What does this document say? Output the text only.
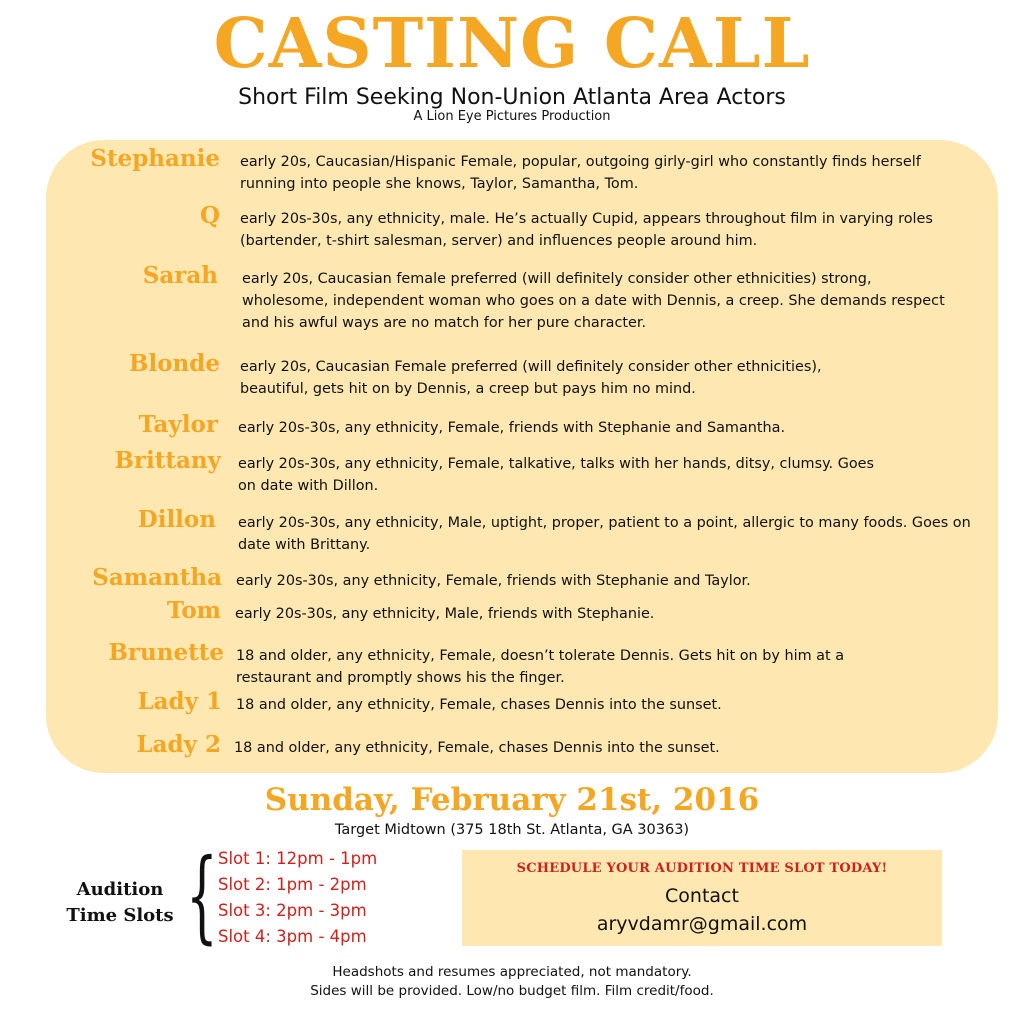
CASTING CALL
Short Film Seeking Non-Union Atlanta Area Actors
A Lion Eye Pictures Production
Stephanie early 20s, Caucasian/Hispanic Female, popular, outgoing girly-girl who constantly finds herself running into people she knows, Taylor, Samantha, Tom.
Q early 20s-30s, any ethnicity, male. He’s actually Cupid, appears throughout film in varying roles (bartender, t-shirt salesman, server) and influences people around him.
Sarah early 20s, Caucasian female preferred (will definitely consider other ethnicities) strong, wholesome, independent woman who goes on a date with Dennis, a creep. She demands respect and his awful ways are no match for her pure character.
Blonde early 20s, Caucasian Female preferred (will definitely consider other ethnicities), beautiful, gets hit on by Dennis, a creep but pays him no mind.
Taylor early 20s-30s, any ethnicity, Female, friends with Stephanie and Samantha.
Brittany early 20s-30s, any ethnicity, Female, talkative, talks with her hands, ditsy, clumsy. Goes on date with Dillon.
Dillon early 20s-30s, any ethnicity, Male, uptight, proper, patient to a point, allergic to many foods. Goes on date with Brittany.
Samantha early 20s-30s, any ethnicity, Female, friends with Stephanie and Taylor.
Tom early 20s-30s, any ethnicity, Male, friends with Stephanie.
Brunette 18 and older, any ethnicity, Female, doesn’t tolerate Dennis. Gets hit on by him at a restaurant and promptly shows his the finger.
Lady 1 18 and older, any ethnicity, Female, chases Dennis into the sunset.
Lady 2 18 and older, any ethnicity, Female, chases Dennis into the sunset.
Sunday, February 21st, 2016
Target Midtown (375 18th St. Atlanta, GA 30363)
Audition
Time Slots { Slot 1: 12pm - 1pm
Slot 2: 1pm - 2pm
Slot 3: 2pm - 3pm
Slot 4: 3pm - 4pm
SCHEDULE YOUR AUDITION TIME SLOT TODAY!
Contact
aryvdamr@gmail.com
Headshots and resumes appreciated, not mandatory.
Sides will be provided. Low/no budget film. Film credit/food.
